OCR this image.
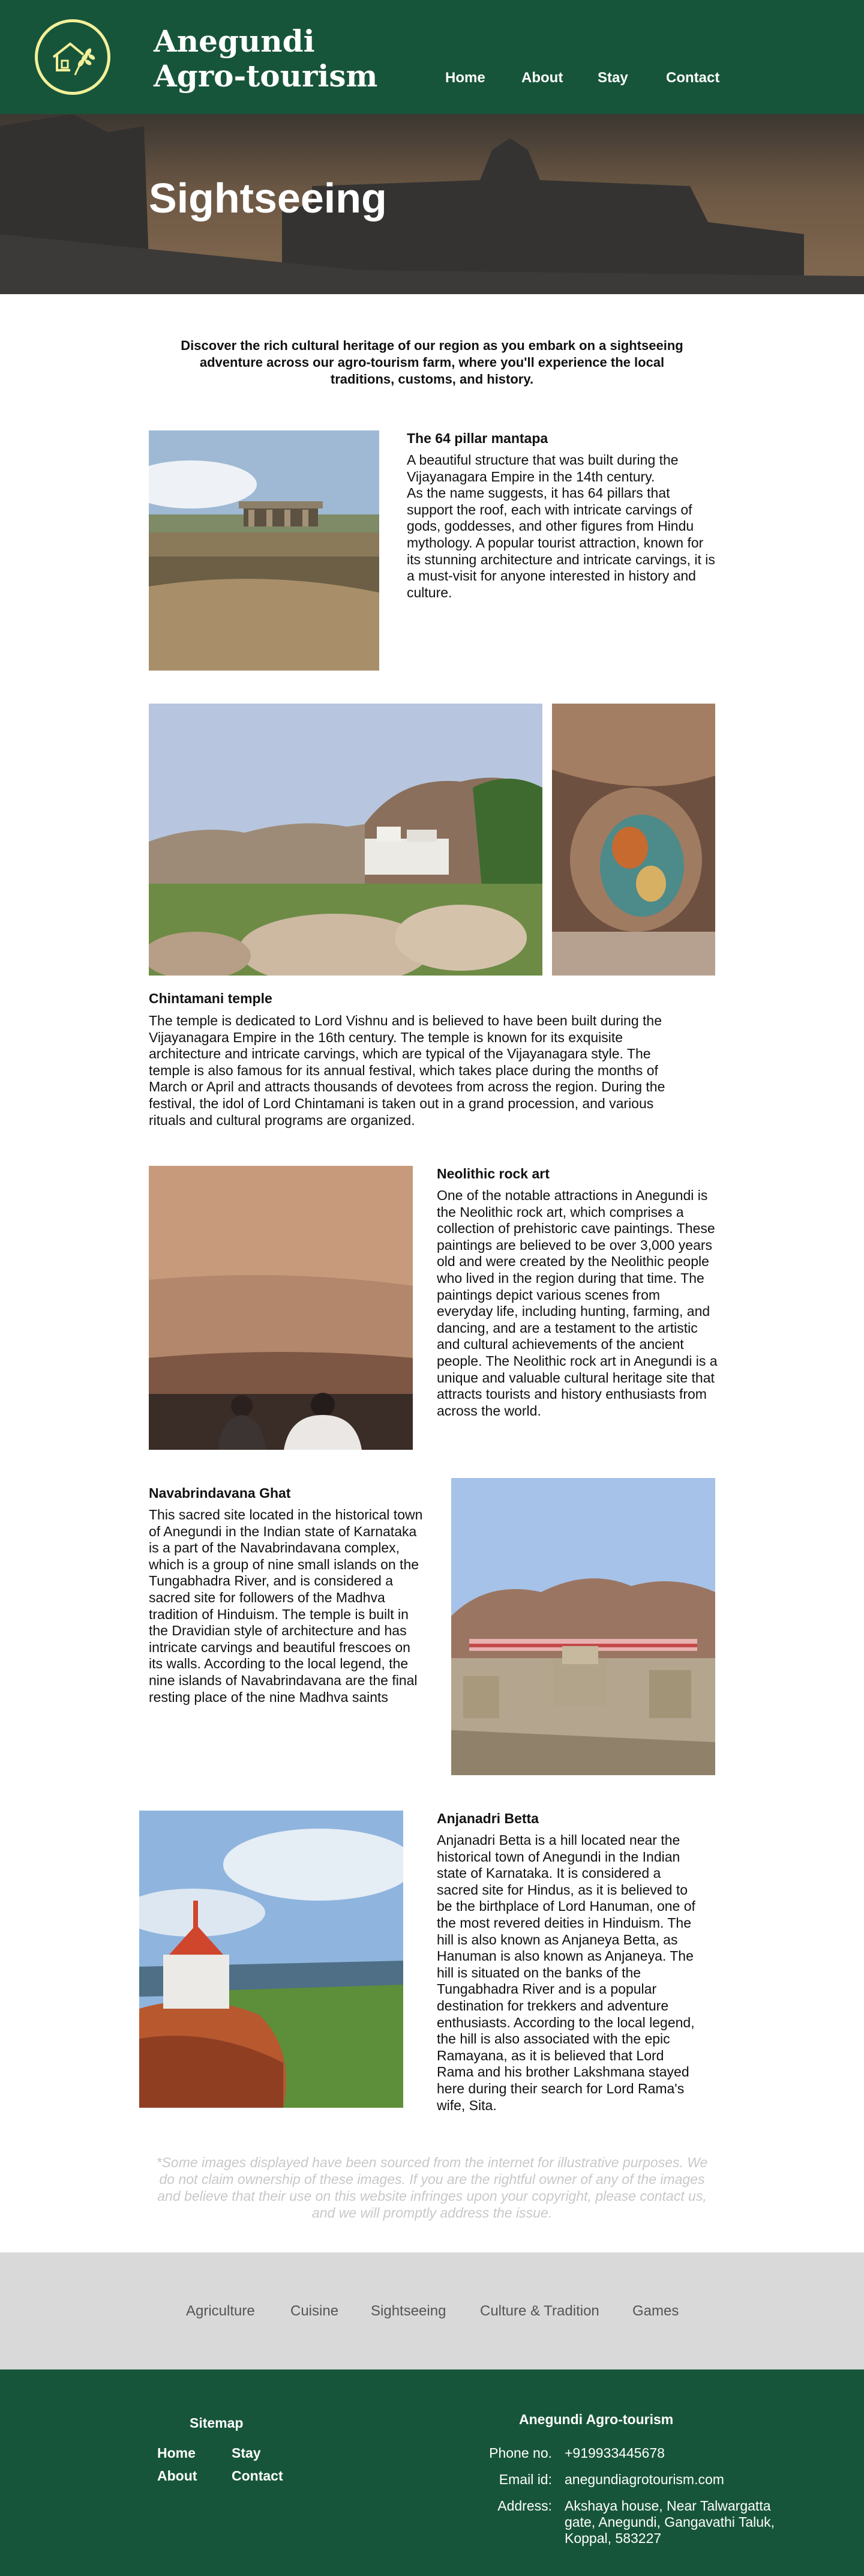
Anegundi
Agro-tourism	Home	About Stay	Contact
Sightseeing
Discover the rich cultural heritage of our region as you embark on a sightseeing adventure across our agro-tourism farm, where you'll experience the local traditions, customs, and history.
The 64 pillar mantapa
A beautiful structure that was built during the Vijayanagara Empire in the 14th century.
As the name suggests, it has 64 pillars that support the roof, each with intricate carvings of gods, goddesses, and other figures from Hindu mythology. A popular tourist attraction, known for its stunning architecture and intricate carvings, it is a must-visit for anyone interested in history and culture.
Chintamani temple
The temple is dedicated to Lord Vishnu and is believed to have been built during the Vijayanagara Empire in the 16th century. The temple is known for its exquisite architecture and intricate carvings, which are typical of the Vijayanagara style. The temple is also famous for its annual festival, which takes place during the months of March or April and attracts thousands of devotees from across the region. During the festival, the idol of Lord Chintamani is taken out in a grand procession, and various rituals and cultural programs are organized.
Neolithic rock art
One of the notable attractions in Anegundi is the Neolithic rock art, which comprises a collection of prehistoric cave paintings. These paintings are believed to be over 3,000 years old and were created by the Neolithic people who lived in the region during that time. The paintings depict various scenes from everyday life, including hunting, farming, and dancing, and are a testament to the artistic and cultural achievements of the ancient people. The Neolithic rock art in Anegundi is a unique and valuable cultural heritage site that attracts tourists and history enthusiasts from across the world.
Navabrindavana Ghat
This sacred site located in the historical town of Anegundi in the Indian state of Karnataka is a part of the Navabrindavana complex, which is a group of nine small islands on the Tungabhadra River, and is considered a sacred site for followers of the Madhva tradition of Hinduism. The temple is built in the Dravidian style of architecture and has intricate carvings and beautiful frescoes on its walls. According to the local legend, the nine islands of Navabrindavana are the final resting place of the nine Madhva saints
Anjanadri Betta
Anjanadri Betta is a hill located near the historical town of Anegundi in the Indian state of Karnataka. It is considered a sacred site for Hindus, as it is believed to be the birthplace of Lord Hanuman, one of the most revered deities in Hinduism. The hill is also known as Anjaneya Betta, as Hanuman is also known as Anjaneya. The hill is situated on the banks of the Tungabhadra River and is a popular destination for trekkers and adventure enthusiasts. According to the local legend, the hill is also associated with the epic Ramayana, as it is believed that Lord Rama and his brother Lakshmana stayed here during their search for Lord Rama's wife, Sita.
*Some images displayed have been sourced from the internet for illustrative purposes. We do not claim ownership of these images. If you are the rightful owner of any of the images and believe that their use on this website infringes upon your copyright, please contact us, and we will promptly address the issue.
Agriculture Cuisine Sightseeing Culture & Tradition Games
Sitemap
Home	Stay
About	Contact
Anegundi Agro-tourism
Phone no. +919933445678
Email id: anegundiagrotourism.com
Address: Akshaya house, Near Talwargatta gate, Anegundi, Gangavathi Taluk, Koppal, 583227
